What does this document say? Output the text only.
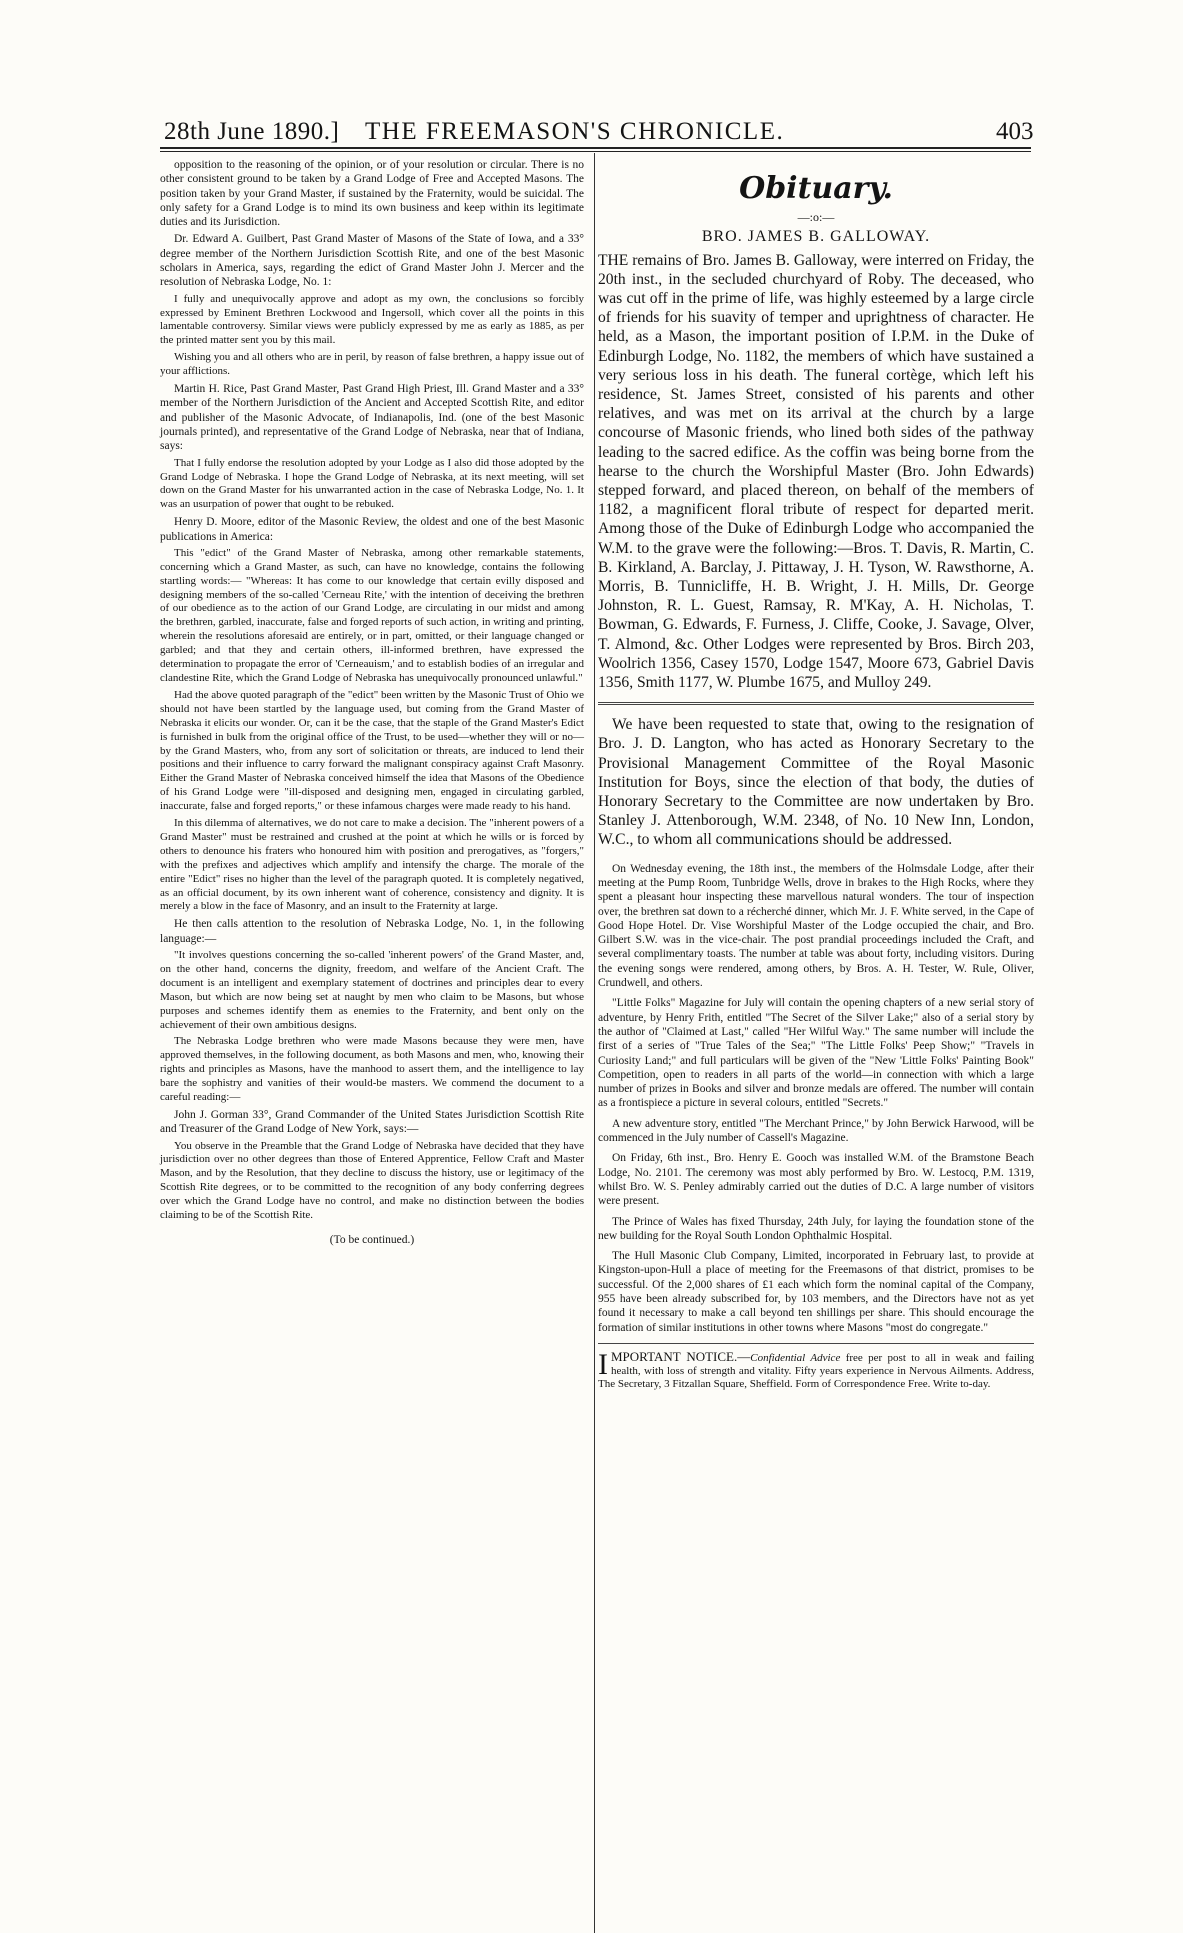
28th June 1890.] THE FREEMASON'S CHRONICLE.	403

opposition to the reasoning of the opinion, or of your resolution or circular. There is no other consistent ground to be taken by a Grand Lodge of Free and Accepted Masons. The position taken by your Grand Master, if sustained by the Fraternity, would be suicidal. The only safety for a Grand Lodge is to mind its own business and keep within its legitimate duties and its Jurisdiction.

Dr. Edward A. Guilbert, Past Grand Master of Masons of the State of Iowa, and a 33° degree member of the Northern Jurisdiction Scottish Rite, and one of the best Masonic scholars in America, says, regarding the edict of Grand Master John J. Mercer and the resolution of Nebraska Lodge, No. 1:

I fully and unequivocally approve and adopt as my own, the conclusions so forcibly expressed by Eminent Brethren Lockwood and Ingersoll, which cover all the points in this lamentable controversy. Similar views were publicly expressed by me as early as 1885, as per the printed matter sent you by this mail.

Wishing you and all others who are in peril, by reason of false brethren, a happy issue out of your afflictions.

Martin H. Rice, Past Grand Master, Past Grand High Priest, Ill. Grand Master and a 33° member of the Northern Jurisdiction of the Ancient and Accepted Scottish Rite, and editor and publisher of the Masonic Advocate, of Indianapolis, Ind. (one of the best Masonic journals printed), and representative of the Grand Lodge of Nebraska, near that of Indiana, says:

That I fully endorse the resolution adopted by your Lodge as I also did those adopted by the Grand Lodge of Nebraska. I hope the Grand Lodge of Nebraska, at its next meeting, will set down on the Grand Master for his unwarranted action in the case of Nebraska Lodge, No. 1. It was an usurpation of power that ought to be rebuked.

Henry D. Moore, editor of the Masonic Review, the oldest and one of the best Masonic publications in America:

This "edict" of the Grand Master of Nebraska, among other remarkable statements, concerning which a Grand Master, as such, can have no knowledge, contains the following startling words:— "Whereas: It has come to our knowledge that certain evilly disposed and designing members of the so-called 'Cerneau Rite,' with the intention of deceiving the brethren of our obedience as to the action of our Grand Lodge, are circulating in our midst and among the brethren, garbled, inaccurate, false and forged reports of such action, in writing and printing, wherein the resolutions aforesaid are entirely, or in part, omitted, or their language changed or garbled; and that they and certain others, ill-informed brethren, have expressed the determination to propagate the error of 'Cerneauism,' and to establish bodies of an irregular and clandestine Rite, which the Grand Lodge of Nebraska has unequivocally pronounced unlawful."

Had the above quoted paragraph of the "edict" been written by the Masonic Trust of Ohio we should not have been startled by the language used, but coming from the Grand Master of Nebraska it elicits our wonder. Or, can it be the case, that the staple of the Grand Master's Edict is furnished in bulk from the original office of the Trust, to be used—whether they will or no—by the Grand Masters, who, from any sort of solicitation or threats, are induced to lend their positions and their influence to carry forward the malignant conspiracy against Craft Masonry. Either the Grand Master of Nebraska conceived himself the idea that Masons of the Obedience of his Grand Lodge were "ill-disposed and designing men, engaged in circulating garbled, inaccurate, false and forged reports," or these infamous charges were made ready to his hand.

In this dilemma of alternatives, we do not care to make a decision. The "inherent powers of a Grand Master" must be restrained and crushed at the point at which he wills or is forced by others to denounce his fraters who honoured him with position and prerogatives, as "forgers," with the prefixes and adjectives which amplify and intensify the charge. The morale of the entire "Edict" rises no higher than the level of the paragraph quoted. It is completely negatived, as an official document, by its own inherent want of coherence, consistency and dignity. It is merely a blow in the face of Masonry, and an insult to the Fraternity at large.

He then calls attention to the resolution of Nebraska Lodge, No. 1, in the following language:—

"It involves questions concerning the so-called 'inherent powers' of the Grand Master, and, on the other hand, concerns the dignity, freedom, and welfare of the Ancient Craft. The document is an intelligent and exemplary statement of doctrines and principles dear to every Mason, but which are now being set at naught by men who claim to be Masons, but whose purposes and schemes identify them as enemies to the Fraternity, and bent only on the achievement of their own ambitious designs.

The Nebraska Lodge brethren who were made Masons because they were men, have approved themselves, in the following document, as both Masons and men, who, knowing their rights and principles as Masons, have the manhood to assert them, and the intelligence to lay bare the sophistry and vanities of their would-be masters. We commend the document to a careful reading:—

John J. Gorman 33°, Grand Commander of the United States Jurisdiction Scottish Rite and Treasurer of the Grand Lodge of New York, says:—

You observe in the Preamble that the Grand Lodge of Nebraska have decided that they have jurisdiction over no other degrees than those of Entered Apprentice, Fellow Craft and Master Mason, and by the Resolution, that they decline to discuss the history, use or legitimacy of the Scottish Rite degrees, or to be committed to the recognition of any body conferring degrees over which the Grand Lodge have no control, and make no distinction between the bodies claiming to be of the Scottish Rite.

(To be continued.)

Obituary.
—:o:—
BRO. JAMES B. GALLOWAY.

THE remains of Bro. James B. Galloway, were interred on Friday, the 20th inst., in the secluded churchyard of Roby. The deceased, who was cut off in the prime of life, was highly esteemed by a large circle of friends for his suavity of temper and uprightness of character. He held, as a Mason, the important position of I.P.M. in the Duke of Edinburgh Lodge, No. 1182, the members of which have sustained a very serious loss in his death. The funeral cortège, which left his residence, St. James Street, consisted of his parents and other relatives, and was met on its arrival at the church by a large concourse of Masonic friends, who lined both sides of the pathway leading to the sacred edifice. As the coffin was being borne from the hearse to the church the Worshipful Master (Bro. John Edwards) stepped forward, and placed thereon, on behalf of the members of 1182, a magnificent floral tribute of respect for departed merit. Among those of the Duke of Edinburgh Lodge who accompanied the W.M. to the grave were the following:—Bros. T. Davis, R. Martin, C. B. Kirkland, A. Barclay, J. Pittaway, J. H. Tyson, W. Rawsthorne, A. Morris, B. Tunnicliffe, H. B. Wright, J. H. Mills, Dr. George Johnston, R. L. Guest, Ramsay, R. M'Kay, A. H. Nicholas, T. Bowman, G. Edwards, F. Furness, J. Cliffe, Cooke, J. Savage, Olver, T. Almond, &c. Other Lodges were represented by Bros. Birch 203, Woolrich 1356, Casey 1570, Lodge 1547, Moore 673, Gabriel Davis 1356, Smith 1177, W. Plumbe 1675, and Mulloy 249.

We have been requested to state that, owing to the resignation of Bro. J. D. Langton, who has acted as Honorary Secretary to the Provisional Management Committee of the Royal Masonic Institution for Boys, since the election of that body, the duties of Honorary Secretary to the Committee are now undertaken by Bro. Stanley J. Attenborough, W.M. 2348, of No. 10 New Inn, London, W.C., to whom all communications should be addressed.

On Wednesday evening, the 18th inst., the members of the Holmsdale Lodge, after their meeting at the Pump Room, Tunbridge Wells, drove in brakes to the High Rocks, where they spent a pleasant hour inspecting these marvellous natural wonders. The tour of inspection over, the brethren sat down to a récherché dinner, which Mr. J. F. White served, in the Cape of Good Hope Hotel. Dr. Vise Worshipful Master of the Lodge occupied the chair, and Bro. Gilbert S.W. was in the vice-chair. The post prandial proceedings included the Craft, and several complimentary toasts. The number at table was about forty, including visitors. During the evening songs were rendered, among others, by Bros. A. H. Tester, W. Rule, Oliver, Crundwell, and others.

"Little Folks" Magazine for July will contain the opening chapters of a new serial story of adventure, by Henry Frith, entitled "The Secret of the Silver Lake;" also of a serial story by the author of "Claimed at Last," called "Her Wilful Way." The same number will include the first of a series of "True Tales of the Sea;" "The Little Folks' Peep Show;" "Travels in Curiosity Land;" and full particulars will be given of the "New 'Little Folks' Painting Book" Competition, open to readers in all parts of the world—in connection with which a large number of prizes in Books and silver and bronze medals are offered. The number will contain as a frontispiece a picture in several colours, entitled "Secrets."

A new adventure story, entitled "The Merchant Prince," by John Berwick Harwood, will be commenced in the July number of Cassell's Magazine.

On Friday, 6th inst., Bro. Henry E. Gooch was installed W.M. of the Bramstone Beach Lodge, No. 2101. The ceremony was most ably performed by Bro. W. Lestocq, P.M. 1319, whilst Bro. W. S. Penley admirably carried out the duties of D.C. A large number of visitors were present.

The Prince of Wales has fixed Thursday, 24th July, for laying the foundation stone of the new building for the Royal South London Ophthalmic Hospital.

The Hull Masonic Club Company, Limited, incorporated in February last, to provide at Kingston-upon-Hull a place of meeting for the Freemasons of that district, promises to be successful. Of the 2,000 shares of £1 each which form the nominal capital of the Company, 955 have been already subscribed for, by 103 members, and the Directors have not as yet found it necessary to make a call beyond ten shillings per share. This should encourage the formation of similar institutions in other towns where Masons "most do congregate."

IMPORTANT NOTICE.—Confidential Advice free per post to all in weak and failing health, with loss of strength and vitality. Fifty years experience in Nervous Ailments. Address, The Secretary, 3 Fitzallan Square, Sheffield. Form of Correspondence Free. Write to-day.
